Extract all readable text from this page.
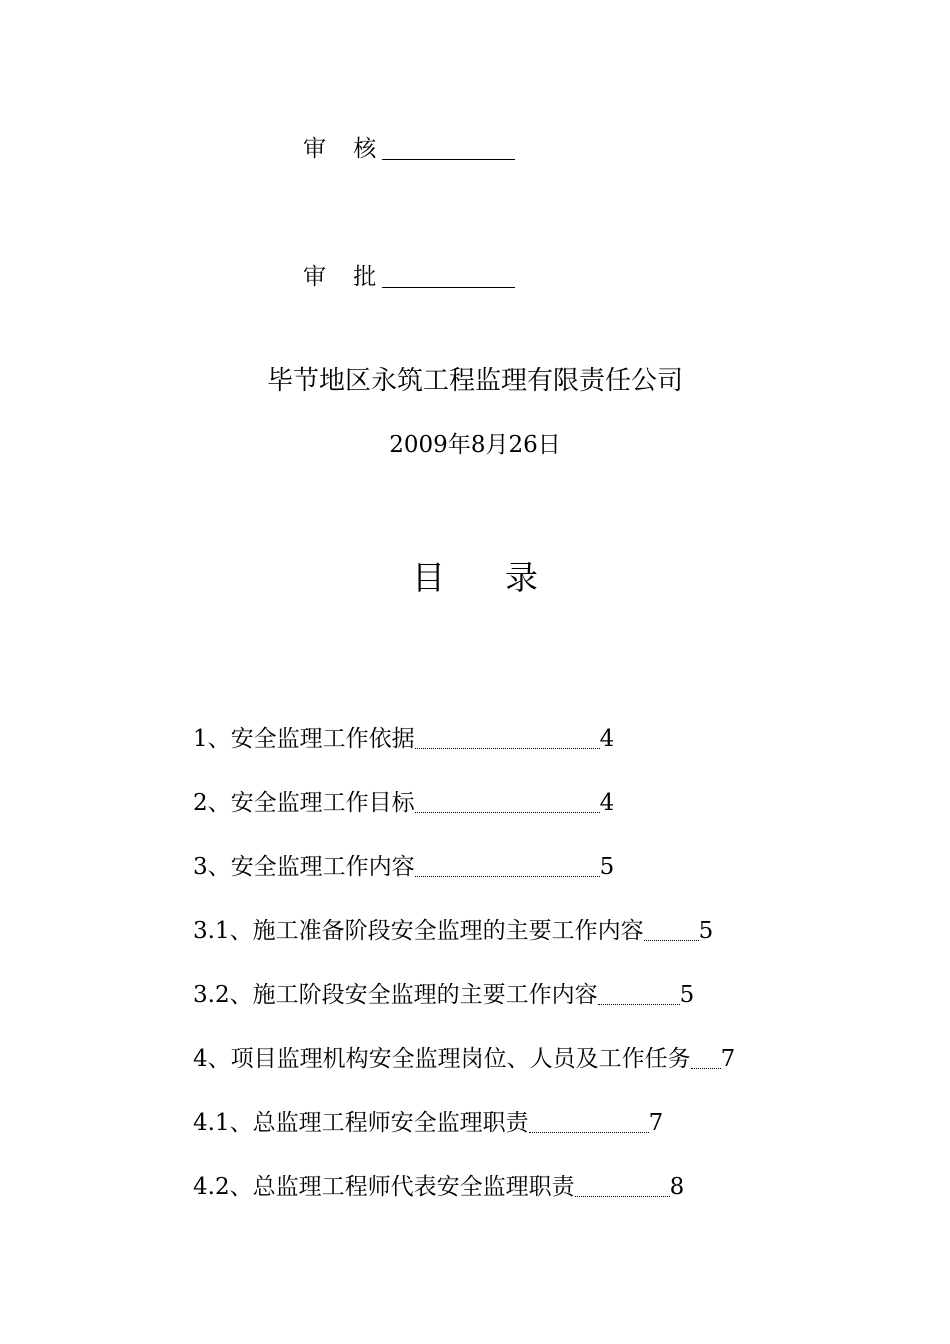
审 核
审 批
毕节地区永筑工程监理有限责任公司
2009年8月26日
目 录
1、安全监理工作依据	4
2、安全监理工作目标	4
3、安全监理工作内容	5
3.1、施工准备阶段安全监理的主要工作内容 5
3.2、施工阶段安全监理的主要工作内容	5
4、项目监理机构安全监理岗位、人员及工作任务 7
4.1、总监理工程师安全监理职责	7
4.2、总监理工程师代表安全监理职责	8
